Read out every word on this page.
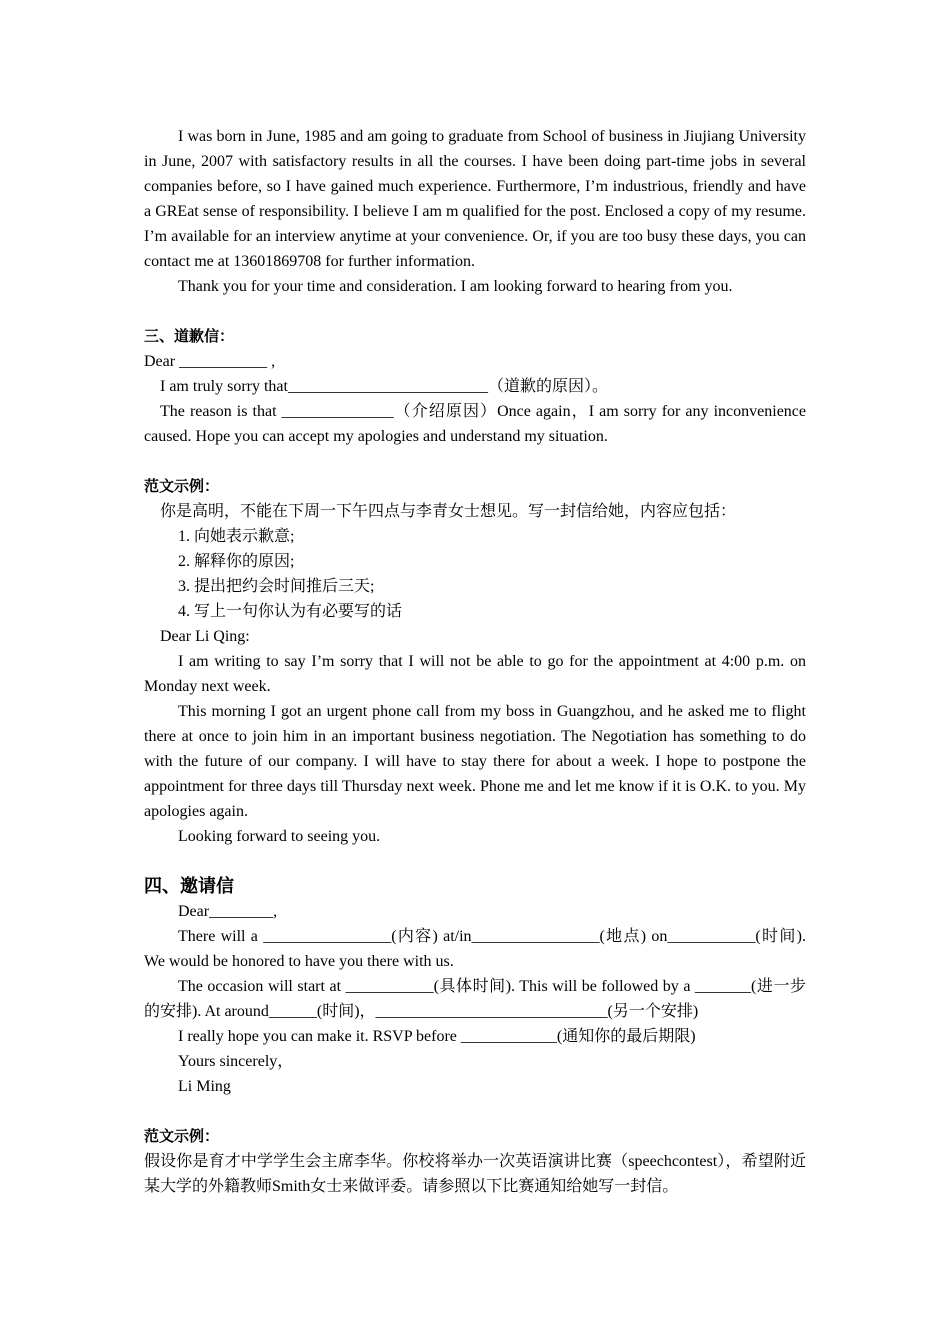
I was born in June, 1985 and am going to graduate from School of business in Jiujiang University in June, 2007 with satisfactory results in all the courses. I have been doing part-time jobs in several companies before, so I have gained much experience. Furthermore, I’m industrious, friendly and have a GREat sense of responsibility. I believe I am m qualified for the post. Enclosed a copy of my resume. I’m available for an interview anytime at your convenience. Or, if you are too busy these days, you can contact me at 13601869708 for further information.

Thank you for your time and consideration. I am looking forward to hearing from you.

三、道歉信：

Dear ___________ ,

I am truly sorry that_________________________（道歉的原因）。

The reason is that ______________（介绍原因）Once again，I am sorry for any inconvenience caused. Hope you can accept my apologies and understand my situation.

范文示例：

你是高明，不能在下周一下午四点与李青女士想见。写一封信给她，内容应包括：

1. 向她表示歉意;

2. 解释你的原因;

3. 提出把约会时间推后三天;

4. 写上一句你认为有必要写的话

Dear Li Qing:

I am writing to say I’m sorry that I will not be able to go for the appointment at 4:00 p.m. on Monday next week.

This morning I got an urgent phone call from my boss in Guangzhou, and he asked me to flight there at once to join him in an important business negotiation. The Negotiation has something to do with the future of our company. I will have to stay there for about a week. I hope to postpone the appointment for three days till Thursday next week. Phone me and let me know if it is O.K. to you. My apologies again.

Looking forward to seeing you.

四、邀请信

Dear________,

There will a ________________(内容) at/in________________(地点) on___________(时间). We would be honored to have you there with us.

The occasion will start at ___________(具体时间). This will be followed by a _______(进一步的安排). At around______(时间)，_____________________________(另一个安排)

I really hope you can make it. RSVP before ____________(通知你的最后期限)

Yours sincerely，

Li Ming

范文示例：

假设你是育才中学学生会主席李华。你校将举办一次英语演讲比赛（speechcontest），希望附近某大学的外籍教师Smith女士来做评委。请参照以下比赛通知给她写一封信。
